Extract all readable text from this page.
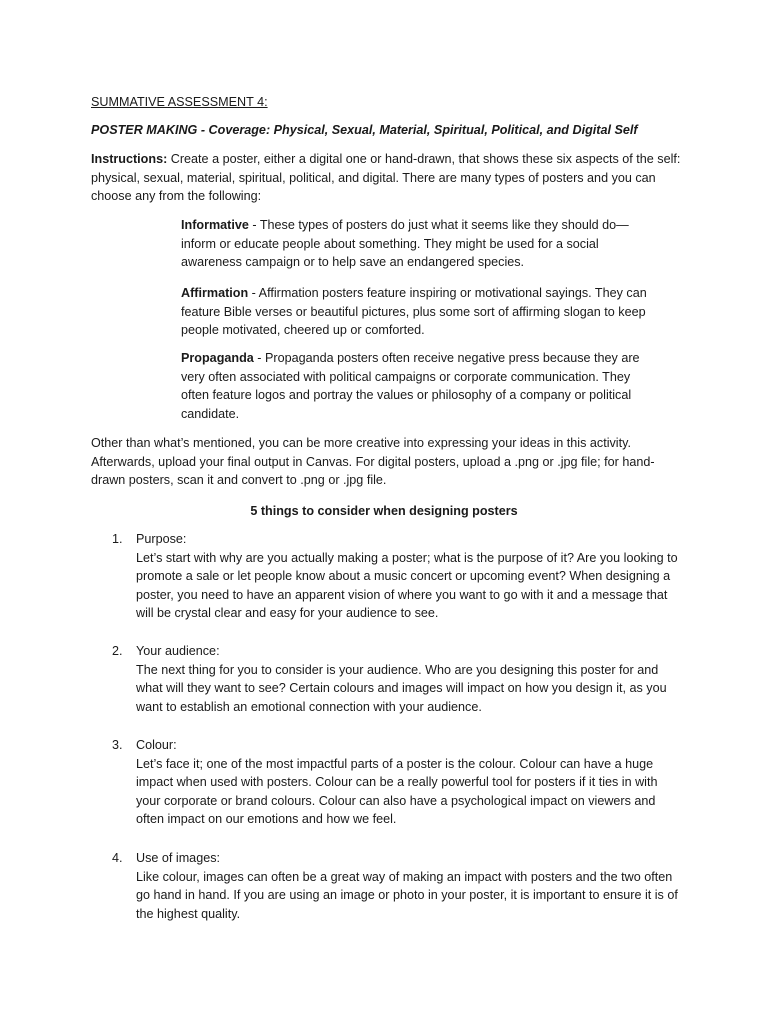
SUMMATIVE ASSESSMENT 4:

POSTER MAKING - Coverage: Physical, Sexual, Material, Spiritual, Political, and Digital Self

Instructions: Create a poster, either a digital one or hand-drawn, that shows these six aspects of the self: physical, sexual, material, spiritual, political, and digital. There are many types of posters and you can choose any from the following:

Informative - These types of posters do just what it seems like they should do—inform or educate people about something. They might be used for a social awareness campaign or to help save an endangered species.

Affirmation - Affirmation posters feature inspiring or motivational sayings. They can feature Bible verses or beautiful pictures, plus some sort of affirming slogan to keep people motivated, cheered up or comforted.

Propaganda - Propaganda posters often receive negative press because they are very often associated with political campaigns or corporate communication. They often feature logos and portray the values or philosophy of a company or political candidate.

Other than what’s mentioned, you can be more creative into expressing your ideas in this activity. Afterwards, upload your final output in Canvas. For digital posters, upload a .png or .jpg file; for hand-drawn posters, scan it and convert to .png or .jpg file.

5 things to consider when designing posters

1.	Purpose:
Let’s start with why are you actually making a poster; what is the purpose of it? Are you looking to promote a sale or let people know about a music concert or upcoming event? When designing a poster, you need to have an apparent vision of where you want to go with it and a message that will be crystal clear and easy for your audience to see.
2.	Your audience:
The next thing for you to consider is your audience. Who are you designing this poster for and what will they want to see? Certain colours and images will impact on how you design it, as you want to establish an emotional connection with your audience.
3.	Colour:
Let’s face it; one of the most impactful parts of a poster is the colour. Colour can have a huge impact when used with posters. Colour can be a really powerful tool for posters if it ties in with your corporate or brand colours. Colour can also have a psychological impact on viewers and often impact on our emotions and how we feel.
4.	Use of images:
Like colour, images can often be a great way of making an impact with posters and the two often go hand in hand. If you are using an image or photo in your poster, it is important to ensure it is of the highest quality.
